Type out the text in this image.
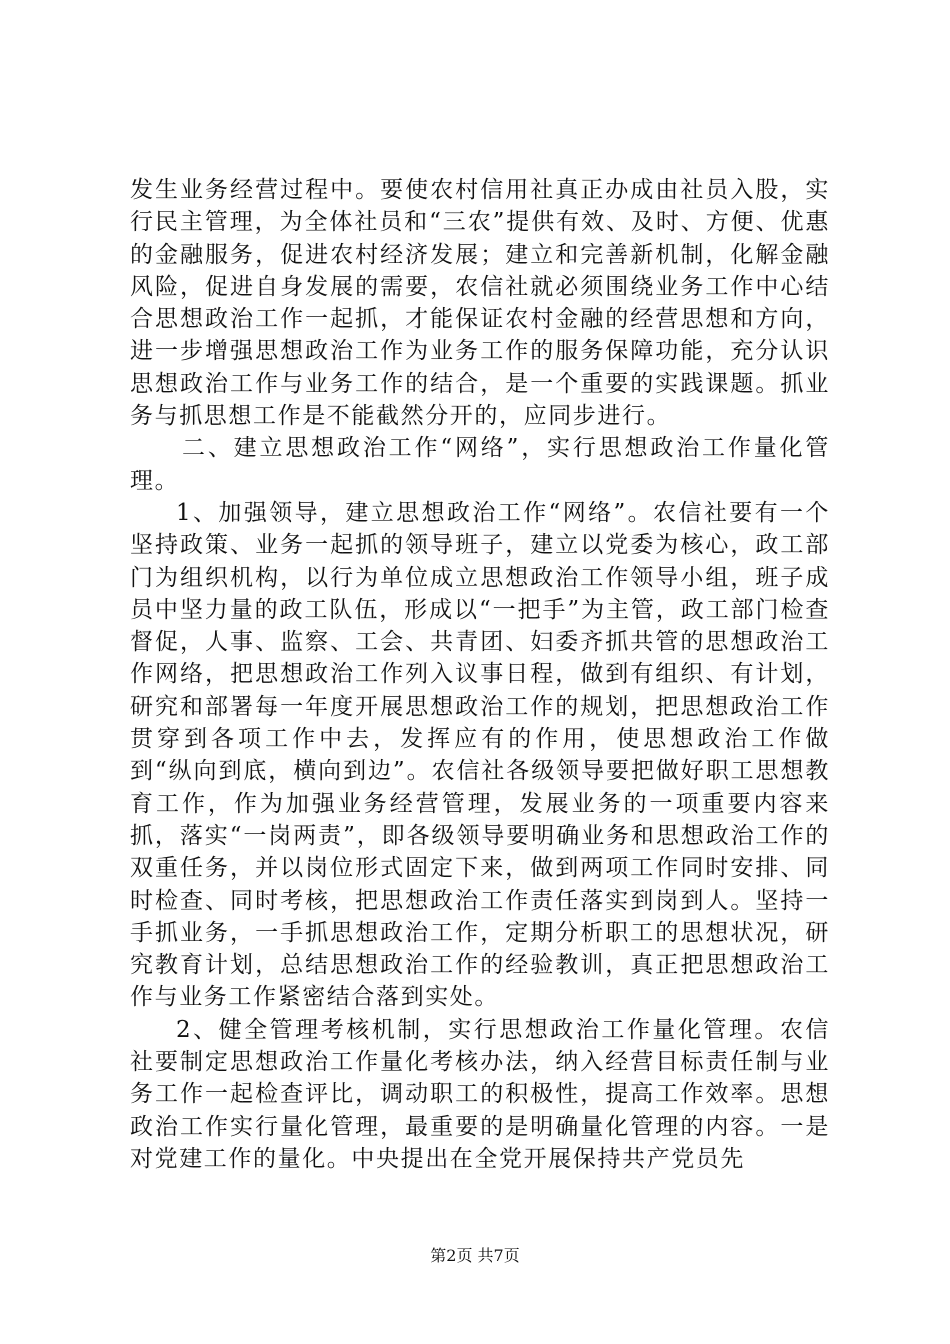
发生业务经营过程中。要使农村信用社真正办成由社员入股，实行民主管理，为全体社员和“三农”提供有效、及时、方便、优惠的金融服务，促进农村经济发展；建立和完善新机制，化解金融风险，促进自身发展的需要，农信社就必须围绕业务工作中心结合思想政治工作一起抓，才能保证农村金融的经营思想和方向，进一步增强思想政治工作为业务工作的服务保障功能，充分认识思想政治工作与业务工作的结合，是一个重要的实践课题。抓业务与抓思想工作是不能截然分开的，应同步进行。

二、建立思想政治工作“网络”，实行思想政治工作量化管理。

1、加强领导，建立思想政治工作“网络”。农信社要有一个坚持政策、业务一起抓的领导班子，建立以党委为核心，政工部门为组织机构，以行为单位成立思想政治工作领导小组，班子成员中坚力量的政工队伍，形成以“一把手”为主管，政工部门检查督促，人事、监察、工会、共青团、妇委齐抓共管的思想政治工作网络，把思想政治工作列入议事日程，做到有组织、有计划，研究和部署每一年度开展思想政治工作的规划，把思想政治工作贯穿到各项工作中去，发挥应有的作用，使思想政治工作做到“纵向到底，横向到边”。农信社各级领导要把做好职工思想教育工作，作为加强业务经营管理，发展业务的一项重要内容来抓，落实“一岗两责”，即各级领导要明确业务和思想政治工作的双重任务，并以岗位形式固定下来，做到两项工作同时安排、同时检查、同时考核，把思想政治工作责任落实到岗到人。坚持一手抓业务，一手抓思想政治工作，定期分析职工的思想状况，研究教育计划，总结思想政治工作的经验教训，真正把思想政治工作与业务工作紧密结合落到实处。

2、健全管理考核机制，实行思想政治工作量化管理。农信社要制定思想政治工作量化考核办法，纳入经营目标责任制与业务工作一起检查评比，调动职工的积极性，提高工作效率。思想政治工作实行量化管理，最重要的是明确量化管理的内容。一是对党建工作的量化。中央提出在全党开展保持共产党员先

第2页 共7页
